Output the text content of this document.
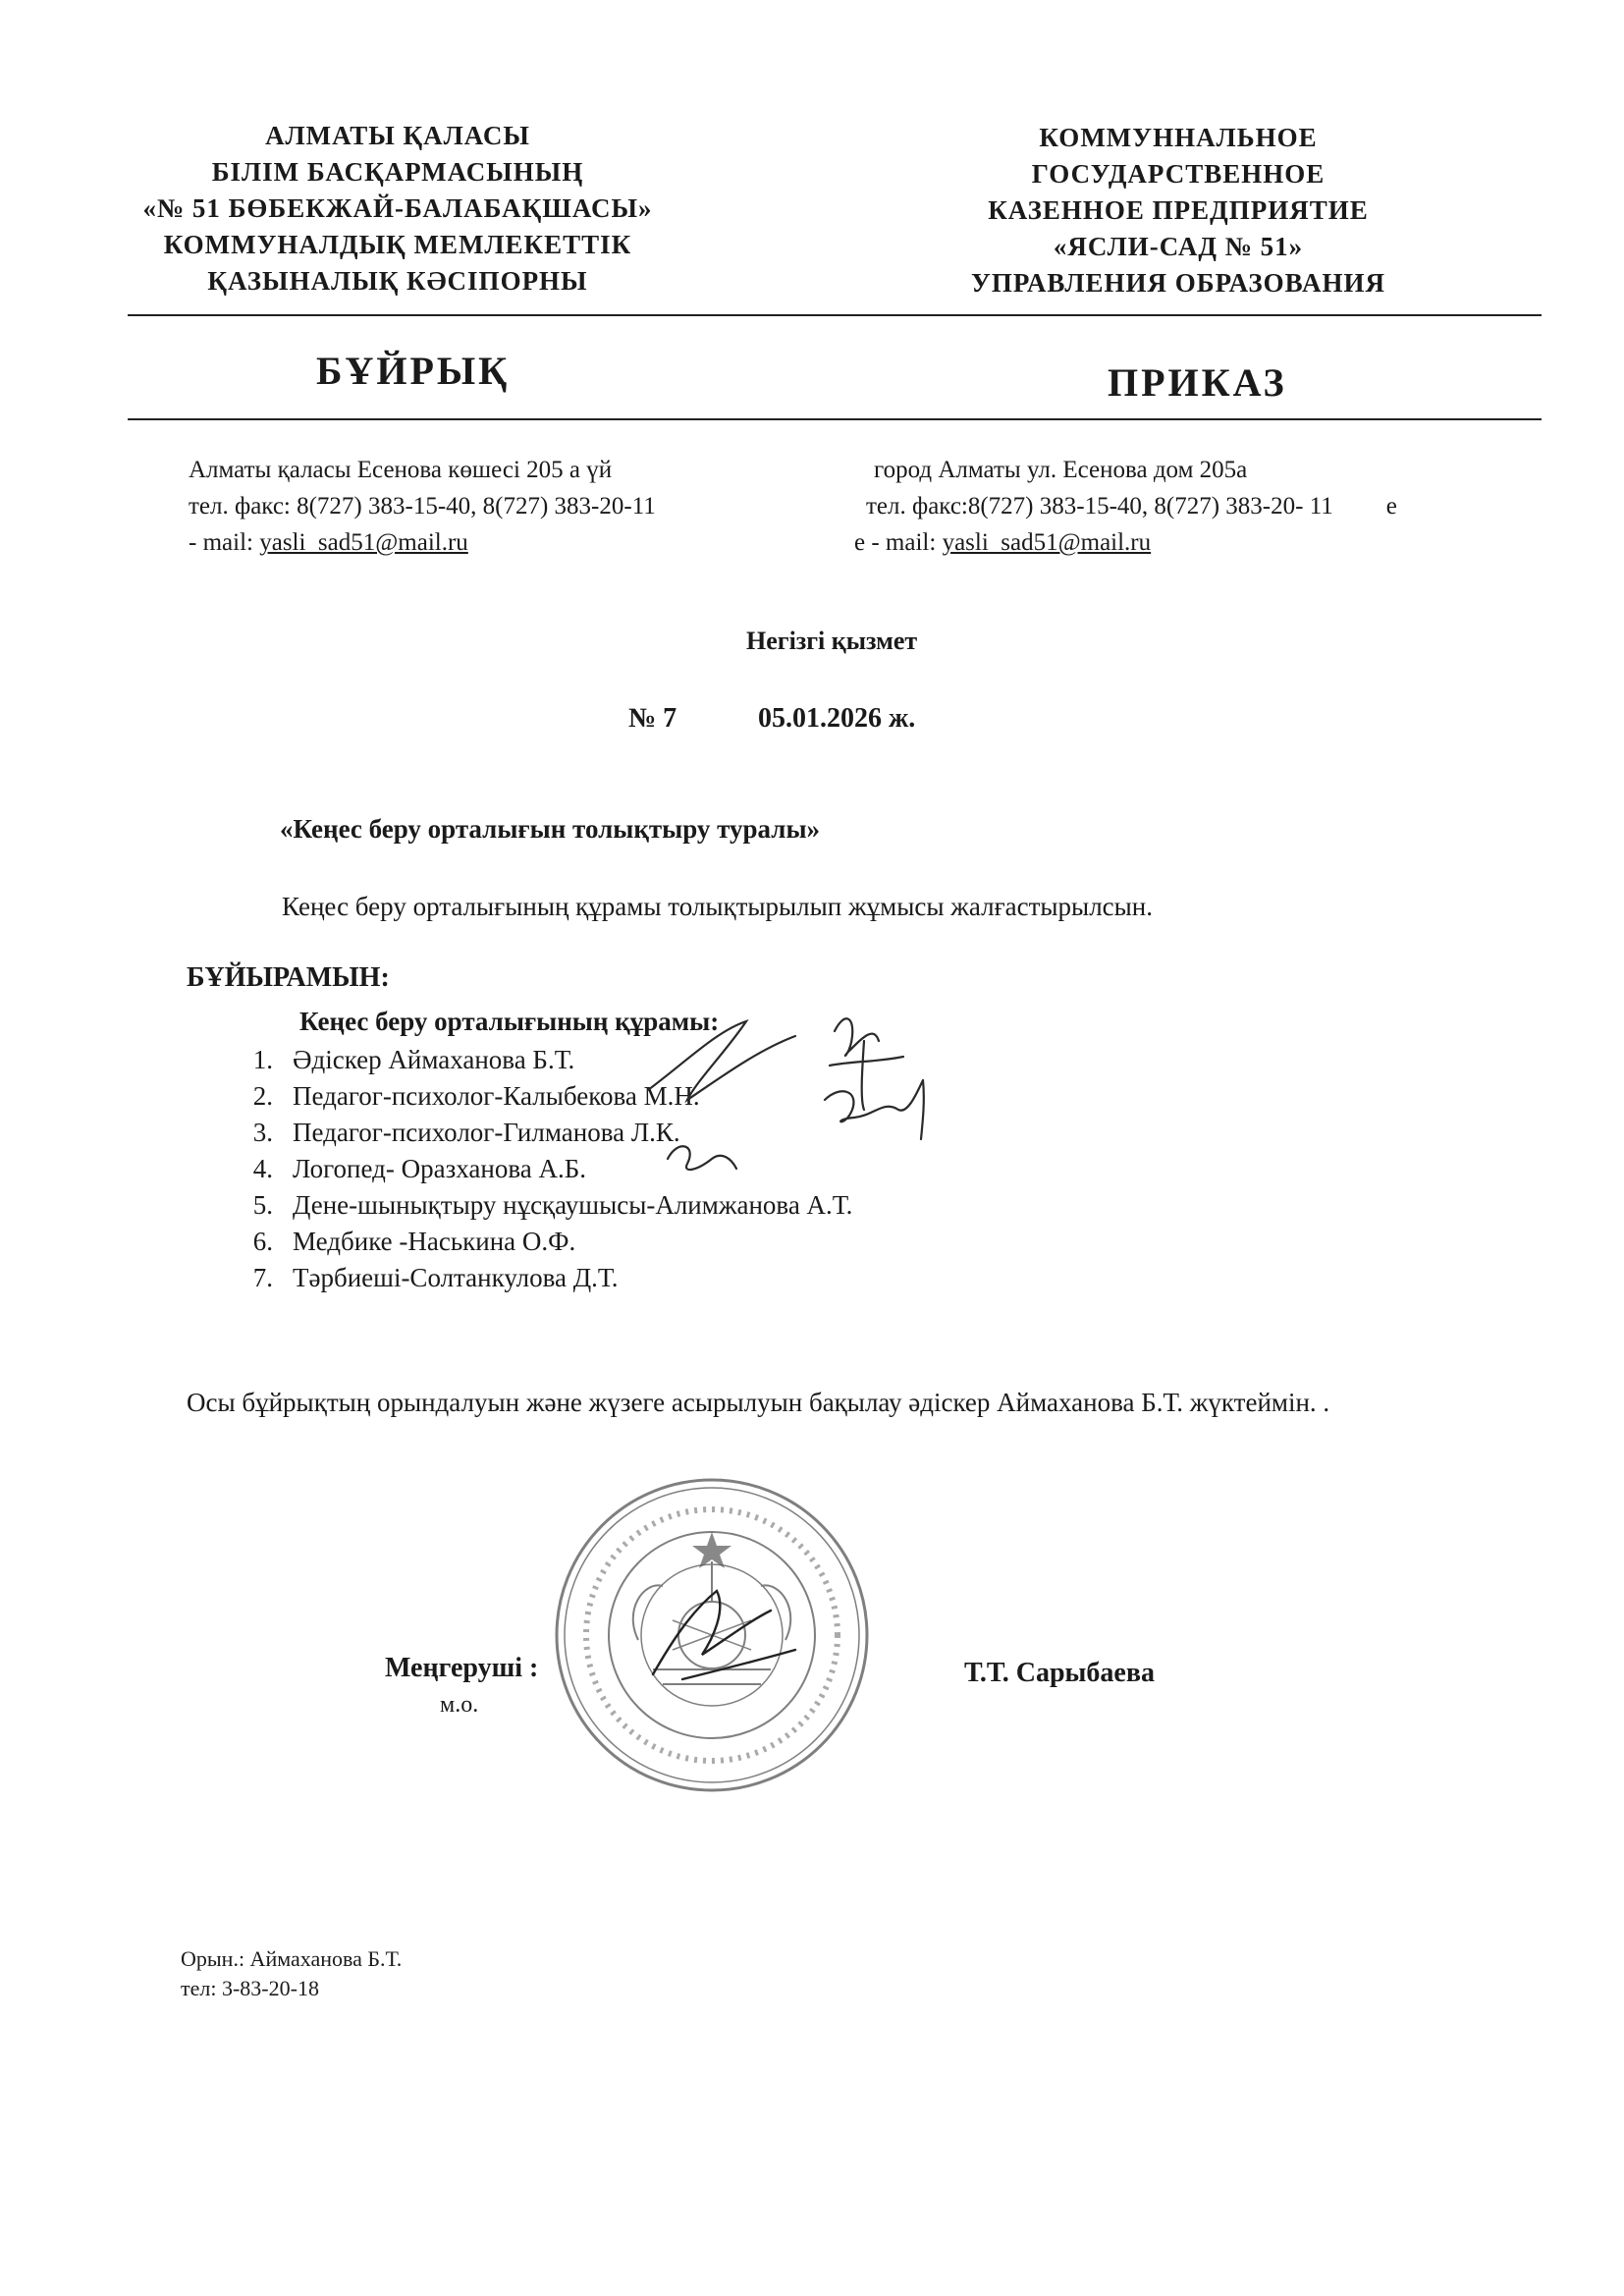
АЛМАТЫ ҚАЛАСЫ
БІЛІМ БАСҚАРМАСЫНЫҢ
«№ 51 БӨБЕКЖАЙ-БАЛАБАҚШАСЫ»
КОММУНАЛДЫҚ МЕМЛЕКЕТТІК
ҚАЗЫНАЛЫҚ КӘСІПОРНЫ
КОММУННАЛЬНОЕ
ГОСУДАРСТВЕННОЕ
КАЗЕННОЕ ПРЕДПРИЯТИЕ
«ЯСЛИ-САД № 51»
УПРАВЛЕНИЯ ОБРАЗОВАНИЯ
БҰЙРЫҚ	ПРИКАЗ
Алматы қаласы Есенова көшесі 205 а үй
тел. факс: 8(727) 383-15-40, 8(727) 383-20-11
- mail: yasli_sad51@mail.ru
город Алматы ул. Есенова дом 205а
тел. факс:8(727) 383-15-40, 8(727) 383-20- 11 е
е - mail: yasli_sad51@mail.ru
Негізгі қызмет
№ 7	05.01.2026 ж.
«Кеңес беру орталығын толықтыру туралы»
Кеңес беру орталығының құрамы толықтырылып жұмысы жалғастырылсын.
БҰЙЫРАМЫН:
Кеңес беру орталығының құрамы:
1. Әдіскер Аймаханова Б.Т.
2. Педагог-психолог-Калыбекова М.Н.
3. Педагог-психолог-Гилманова Л.К.
4. Логопед- Оразханова А.Б.
5. Дене-шынықтыру нұсқаушысы-Алимжанова А.Т.
6. Медбике -Наськина О.Ф.
7. Тәрбиеші-Солтанкулова Д.Т.
Осы бұйрықтың орындалуын және жүзеге асырылуын бақылау әдіскер Аймаханова Б.Т. жүктеймін. .
Меңгеруші :
м.о.
Т.Т. Сарыбаева
Орын.: Аймаханова Б.Т.
тел: 3-83-20-18
